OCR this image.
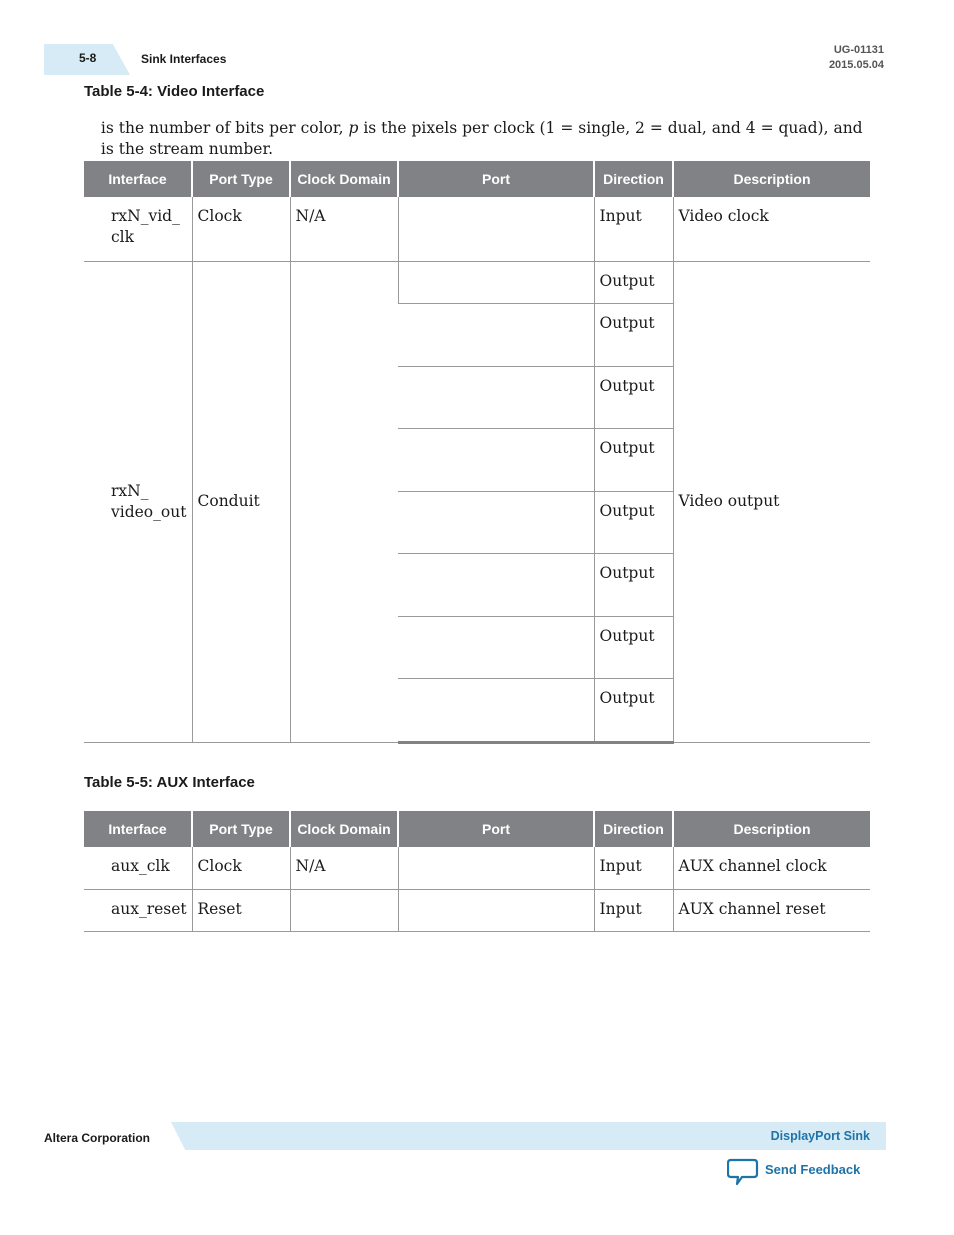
5-8	Sink Interfaces
UG-01131
2015.05.04
Table 5-4: Video Interface
is the number of bits per color, p is the pixels per clock (1 = single, 2 = dual, and 4 = quad), and  is the stream number.
Interface	Port Type	Clock Domain	Port	Direction	Description
rxN_vid_ clk	Clock	N/A		Input	Video clock
rxN_ video_out	Conduit			Output	Video output
				Output	
				Output	
				Output	
				Output	
				Output	
				Output	
				Output	
Table 5-5: AUX Interface
Interface	Port Type	Clock Domain	Port	Direction	Description
aux_clk	Clock	N/A		Input	AUX channel clock
aux_reset	Reset			Input	AUX channel reset
Altera Corporation	DisplayPort Sink
Send Feedback
